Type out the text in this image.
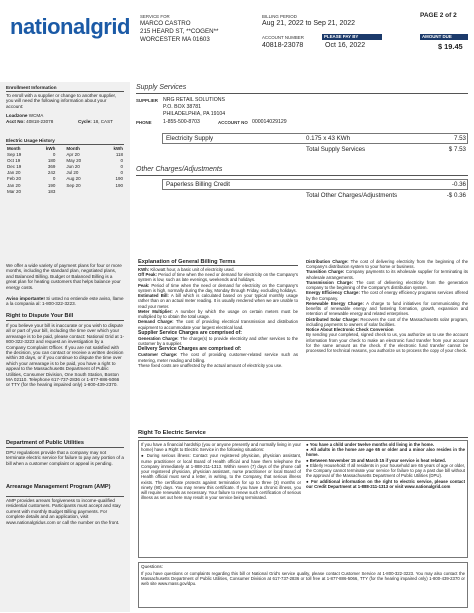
nationalgrid SERVICE FOR
MARCO CASTRO
215 HEARD ST, **COGEN**
WORCESTER MA 01603
BILLING PERIOD
Aug 21, 2022 to Sep 21, 2022
PAGE 2 of 2
ACCOUNT NUMBER	PLEASE PAY BY	AMOUNT DUE
40818-23078	Oct 16, 2022	$ 19.45
Enrollment Information
To enroll with a supplier or change to another supplier, you will need the following information about your account:
Loadzone WCMA
Acct No: 40818-23078	Cycle: 18, CAST
Electric Usage History
Month	kWh	Month	kWh
Sep 19	0	Apr 20	118
Oct 19	180	May 20	0
Dec 19	369	Jun 20	0
Jan 20	242	Jul 20	0
Feb 20	0	Aug 20	190
Jan 20	190	Sep 20	190
Mar 20	183		
We offer a wide variety of payment plans for four or more months, including the standard plan, negotiated plans, and Balanced Billing. Budget or Balanced Billing is a great plan for heating customers that helps balance your energy costs.
Aviso importante! Si usted no entiende este aviso, llame a la compania al: 1-800-322-3223.
Right to Dispute Your Bill
If you believe your bill is inaccurate or you wish to dispute all or part of your bill, including the time over which your arrearage is to be paid, please contact: National Grid at 1-800-322-3223 and request an investigation by a Company Complaint Officer. If you are not satisfied with the decision, you can contact or receive a written decision within 30 days, or if you continue to dispute the time over which your arrearage is to be paid, you have a right to appeal to the Massachusetts Department of Public Utilities, Consumer Division, One South Station, Boston MA 02110. Telephone 617-737-2836 or 1-877-886-5066 or TTY (for the hearing impaired only) 1-800-439-2370.
Department of Public Utilities
DPU regulations provide that a company may not terminate electric service for failure to pay any portion of a bill when a customer complaint or appeal is pending.
Arrearage Management Program (AMP)
AMP provides arrears forgiveness to income-qualified residential customers. Participants must accept and stay current with monthly Budget Billing payments. For complete details and an application, visit www.nationalgridus.com or call the number on the front.
Supply Services
SUPPLIER NRG RETAIL SOLUTIONS
P.O. BOX 38781
PHILADELPHIA, PA 19104
PHONE 1-855-500-8703	ACCOUNT NO 000014029129
Electricity Supply	0.175 x 43 KWh	7.53
Total Supply Services	$ 7.53
Other Charges/Adjustments
Paperless Billing Credit	-0.36
Total Other Charges/Adjustments	-$ 0.36
Explanation of General Billing Terms
KWh: Kilowatt hour, a basic unit of electricity used.
Off Peak: Period of time when the need or demand for electricity on the Company's system is low, such as late evenings, weekends and holidays.
Peak: Period of time when the need or demand for electricity on the Company's system is high, normally during the day, Monday through Friday, excluding holidays.
Estimated Bill: A bill which is calculated based on your typical monthly usage rather than on an actual meter reading. It is usually rendered when we are unable to read your meter.
Meter Multiplier: A number by which the usage on certain meters must be multiplied by to obtain the total usage.
Demand Charge: The cost of providing electrical transmission and distribution equipment to accommodate your largest electrical load.
Supplier Service Charges are comprised of:
Generation Charge: The charge(s) to provide electricity and other services to the customer by a supplier.
Delivery Service Charges are comprised of:
Customer Charge: The cost of providing customer-related service such as metering, meter reading and billing.
These fixed costs are unaffected by the actual amount of electricity you use.
Distribution Charge: The cost of delivering electricity from the beginning of the Company's distribution system to your home or business.
Transition Charge: Company payments to its wholesale supplier for terminating its wholesale arrangements.
Transmission Charge: The cost of delivering electricity from the generation company to the beginning of the Company's distribution system.
Energy Efficiency Charge: The cost of energy efficiency programs services offered by the Company.
Renewable Energy Charge: A charge to fund initiatives for communicating the benefits of renewable energy and fostering formation, growth, expansion and retention of renewable energy and related enterprises.
Distributed Solar Charge: Recovers the cost of the Massachusetts solar program, including payments to owners of solar facilities.
Notice About Electronic Check Conversion
By sending your completed, signed check to us, you authorize us to use the account information from your check to make an electronic fund transfer from your account for the same amount as the check. If the electronic fund transfer cannot be processed for technical reasons, you authorize us to process the copy of your check.
Right To Electric Service
If you have a financial hardship (you or anyone presently and normally living in your home) have a Right to Electric Service in the following situations:
● During serious illness: Contact your registered physician, physician assistant, nurse practitioner or local Board of Health official and have them telephone the Company immediately at 1-888-211-1313. Within seven (7) days of the phone call your registered physician, physician assistant, nurse practitioner or local Board of Health official must send a letter, in writing, to the Company, that serious illness exists. The certificate protects against termination for up to three (3) months or ninety (90) days. You may renew this certificate. If you have a chronic illness, you will require renewals as necessary. Your failure to renew such certification of serious illness as set out here may result in your service being terminated.
● You have a child under twelve months old living in the home.
● All adults in the home are age 65 or older and a minor also resides in the home.
● Between November 15 and March 15 if your service is heat related.
● Elderly Household: If all residents in your household are 65 years of age or older, the Company cannot terminate your service for failure to pay a past due bill without the approval of the Massachusetts Department of Public Utilities (DPU).
● For additional information on the right to electric service, please contact our Credit Department at 1-888-211-1313 or visit www.nationalgrid.com
Questions:
If you have questions or complaints regarding this bill or National Grid's service quality, please contact Customer Service at 1-800-322-3223. You may also contact the Massachusetts Department of Public Utilities, Consumer Division at 617-737-2836 or toll free at 1-877-886-5066, TTY (for the hearing impaired only) 1-800-439-2370 or web site www.mass.gov/dpu.
